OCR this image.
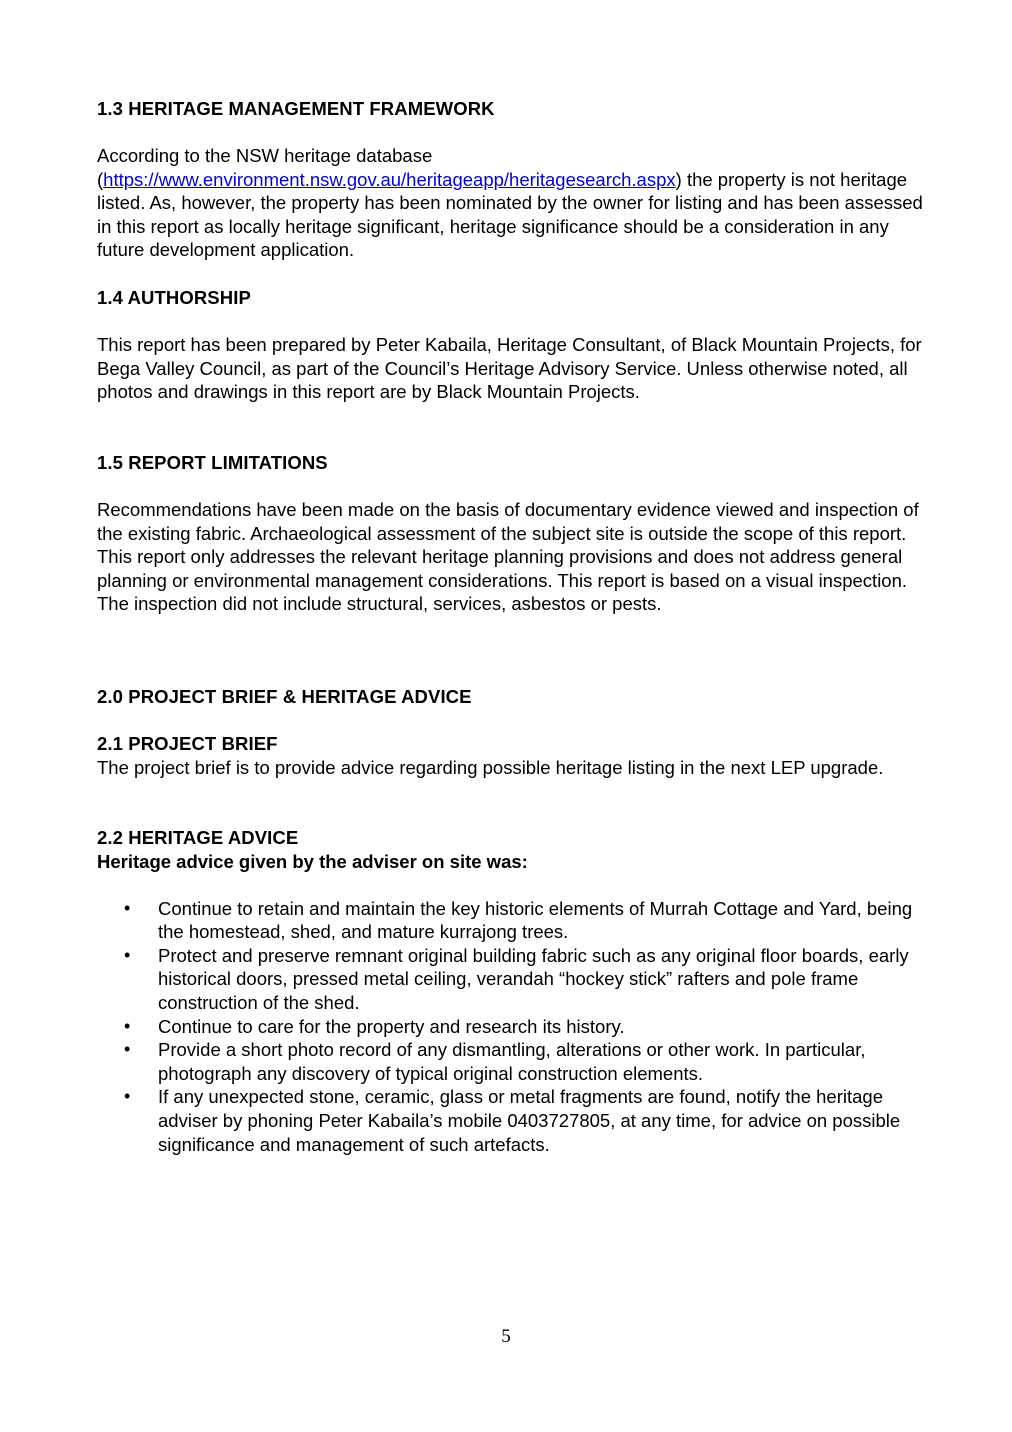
1.3 HERITAGE MANAGEMENT FRAMEWORK

According to the NSW heritage database (https://www.environment.nsw.gov.au/heritageapp/heritagesearch.aspx) the property is not heritage listed. As, however, the property has been nominated by the owner for listing and has been assessed in this report as locally heritage significant, heritage significance should be a consideration in any future development application.

1.4 AUTHORSHIP

This report has been prepared by Peter Kabaila, Heritage Consultant, of Black Mountain Projects, for Bega Valley Council, as part of the Council’s Heritage Advisory Service. Unless otherwise noted, all photos and drawings in this report are by Black Mountain Projects.

1.5 REPORT LIMITATIONS

Recommendations have been made on the basis of documentary evidence viewed and inspection of the existing fabric. Archaeological assessment of the subject site is outside the scope of this report. This report only addresses the relevant heritage planning provisions and does not address general planning or environmental management considerations. This report is based on a visual inspection. The inspection did not include structural, services, asbestos or pests.

2.0 PROJECT BRIEF & HERITAGE ADVICE
2.1 PROJECT BRIEF

The project brief is to provide advice regarding possible heritage listing in the next LEP upgrade.

2.2 HERITAGE ADVICE

Heritage advice given by the adviser on site was:

• Continue to retain and maintain the key historic elements of Murrah Cottage and Yard, being the homestead, shed, and mature kurrajong trees.
• Protect and preserve remnant original building fabric such as any original floor boards, early historical doors, pressed metal ceiling, verandah “hockey stick” rafters and pole frame construction of the shed.
• Continue to care for the property and research its history.
• Provide a short photo record of any dismantling, alterations or other work. In particular, photograph any discovery of typical original construction elements.
• If any unexpected stone, ceramic, glass or metal fragments are found, notify the heritage adviser by phoning Peter Kabaila’s mobile 0403727805, at any time, for advice on possible significance and management of such artefacts.
5
